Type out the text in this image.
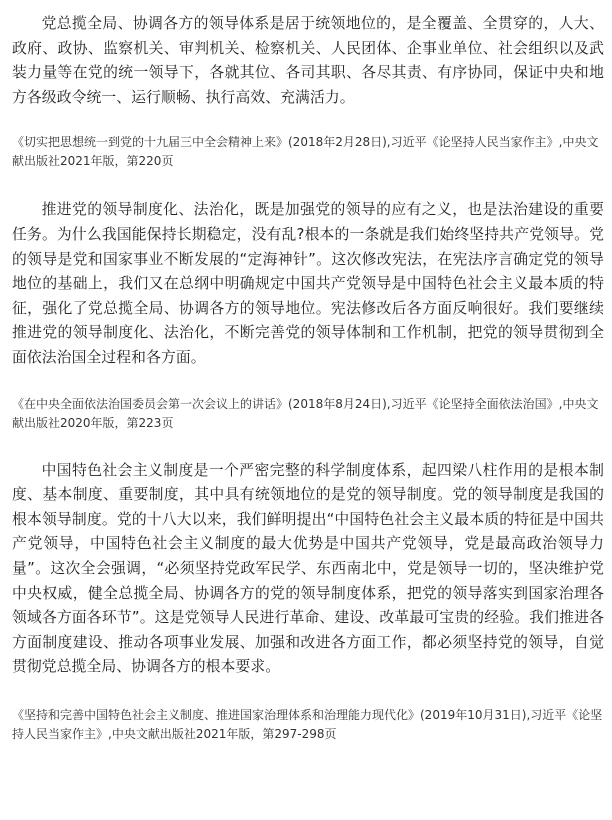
党总揽全局、协调各方的领导体系是居于统领地位的，是全覆盖、全贯穿的，人大、政府、政协、监察机关、审判机关、检察机关、人民团体、企事业单位、社会组织以及武装力量等在党的统一领导下，各就其位、各司其职、各尽其责、有序协同，保证中央和地方各级政令统一、运行顺畅、执行高效、充满活力。

《切实把思想统一到党的十九届三中全会精神上来》(2018年2月28日),习近平《论坚持人民当家作主》,中央文献出版社2021年版，第220页

推进党的领导制度化、法治化，既是加强党的领导的应有之义，也是法治建设的重要任务。为什么我国能保持长期稳定，没有乱?根本的一条就是我们始终坚持共产党领导。党的领导是党和国家事业不断发展的“定海神针”。这次修改宪法，在宪法序言确定党的领导地位的基础上，我们又在总纲中明确规定中国共产党领导是中国特色社会主义最本质的特征，强化了党总揽全局、协调各方的领导地位。宪法修改后各方面反响很好。我们要继续推进党的领导制度化、法治化，不断完善党的领导体制和工作机制，把党的领导贯彻到全面依法治国全过程和各方面。

《在中央全面依法治国委员会第一次会议上的讲话》(2018年8月24日),习近平《论坚持全面依法治国》,中央文献出版社2020年版，第223页

中国特色社会主义制度是一个严密完整的科学制度体系，起四梁八柱作用的是根本制度、基本制度、重要制度，其中具有统领地位的是党的领导制度。党的领导制度是我国的根本领导制度。党的十八大以来，我们鲜明提出“中国特色社会主义最本质的特征是中国共产党领导，中国特色社会主义制度的最大优势是中国共产党领导，党是最高政治领导力量”。这次全会强调，“必须坚持党政军民学、东西南北中，党是领导一切的，坚决维护党中央权威，健全总揽全局、协调各方的党的领导制度体系，把党的领导落实到国家治理各领域各方面各环节”。这是党领导人民进行革命、建设、改革最可宝贵的经验。我们推进各方面制度建设、推动各项事业发展、加强和改进各方面工作，都必须坚持党的领导，自觉贯彻党总揽全局、协调各方的根本要求。

《坚持和完善中国特色社会主义制度、推进国家治理体系和治理能力现代化》(2019年10月31日),习近平《论坚持人民当家作主》,中央文献出版社2021年版，第297-298页
